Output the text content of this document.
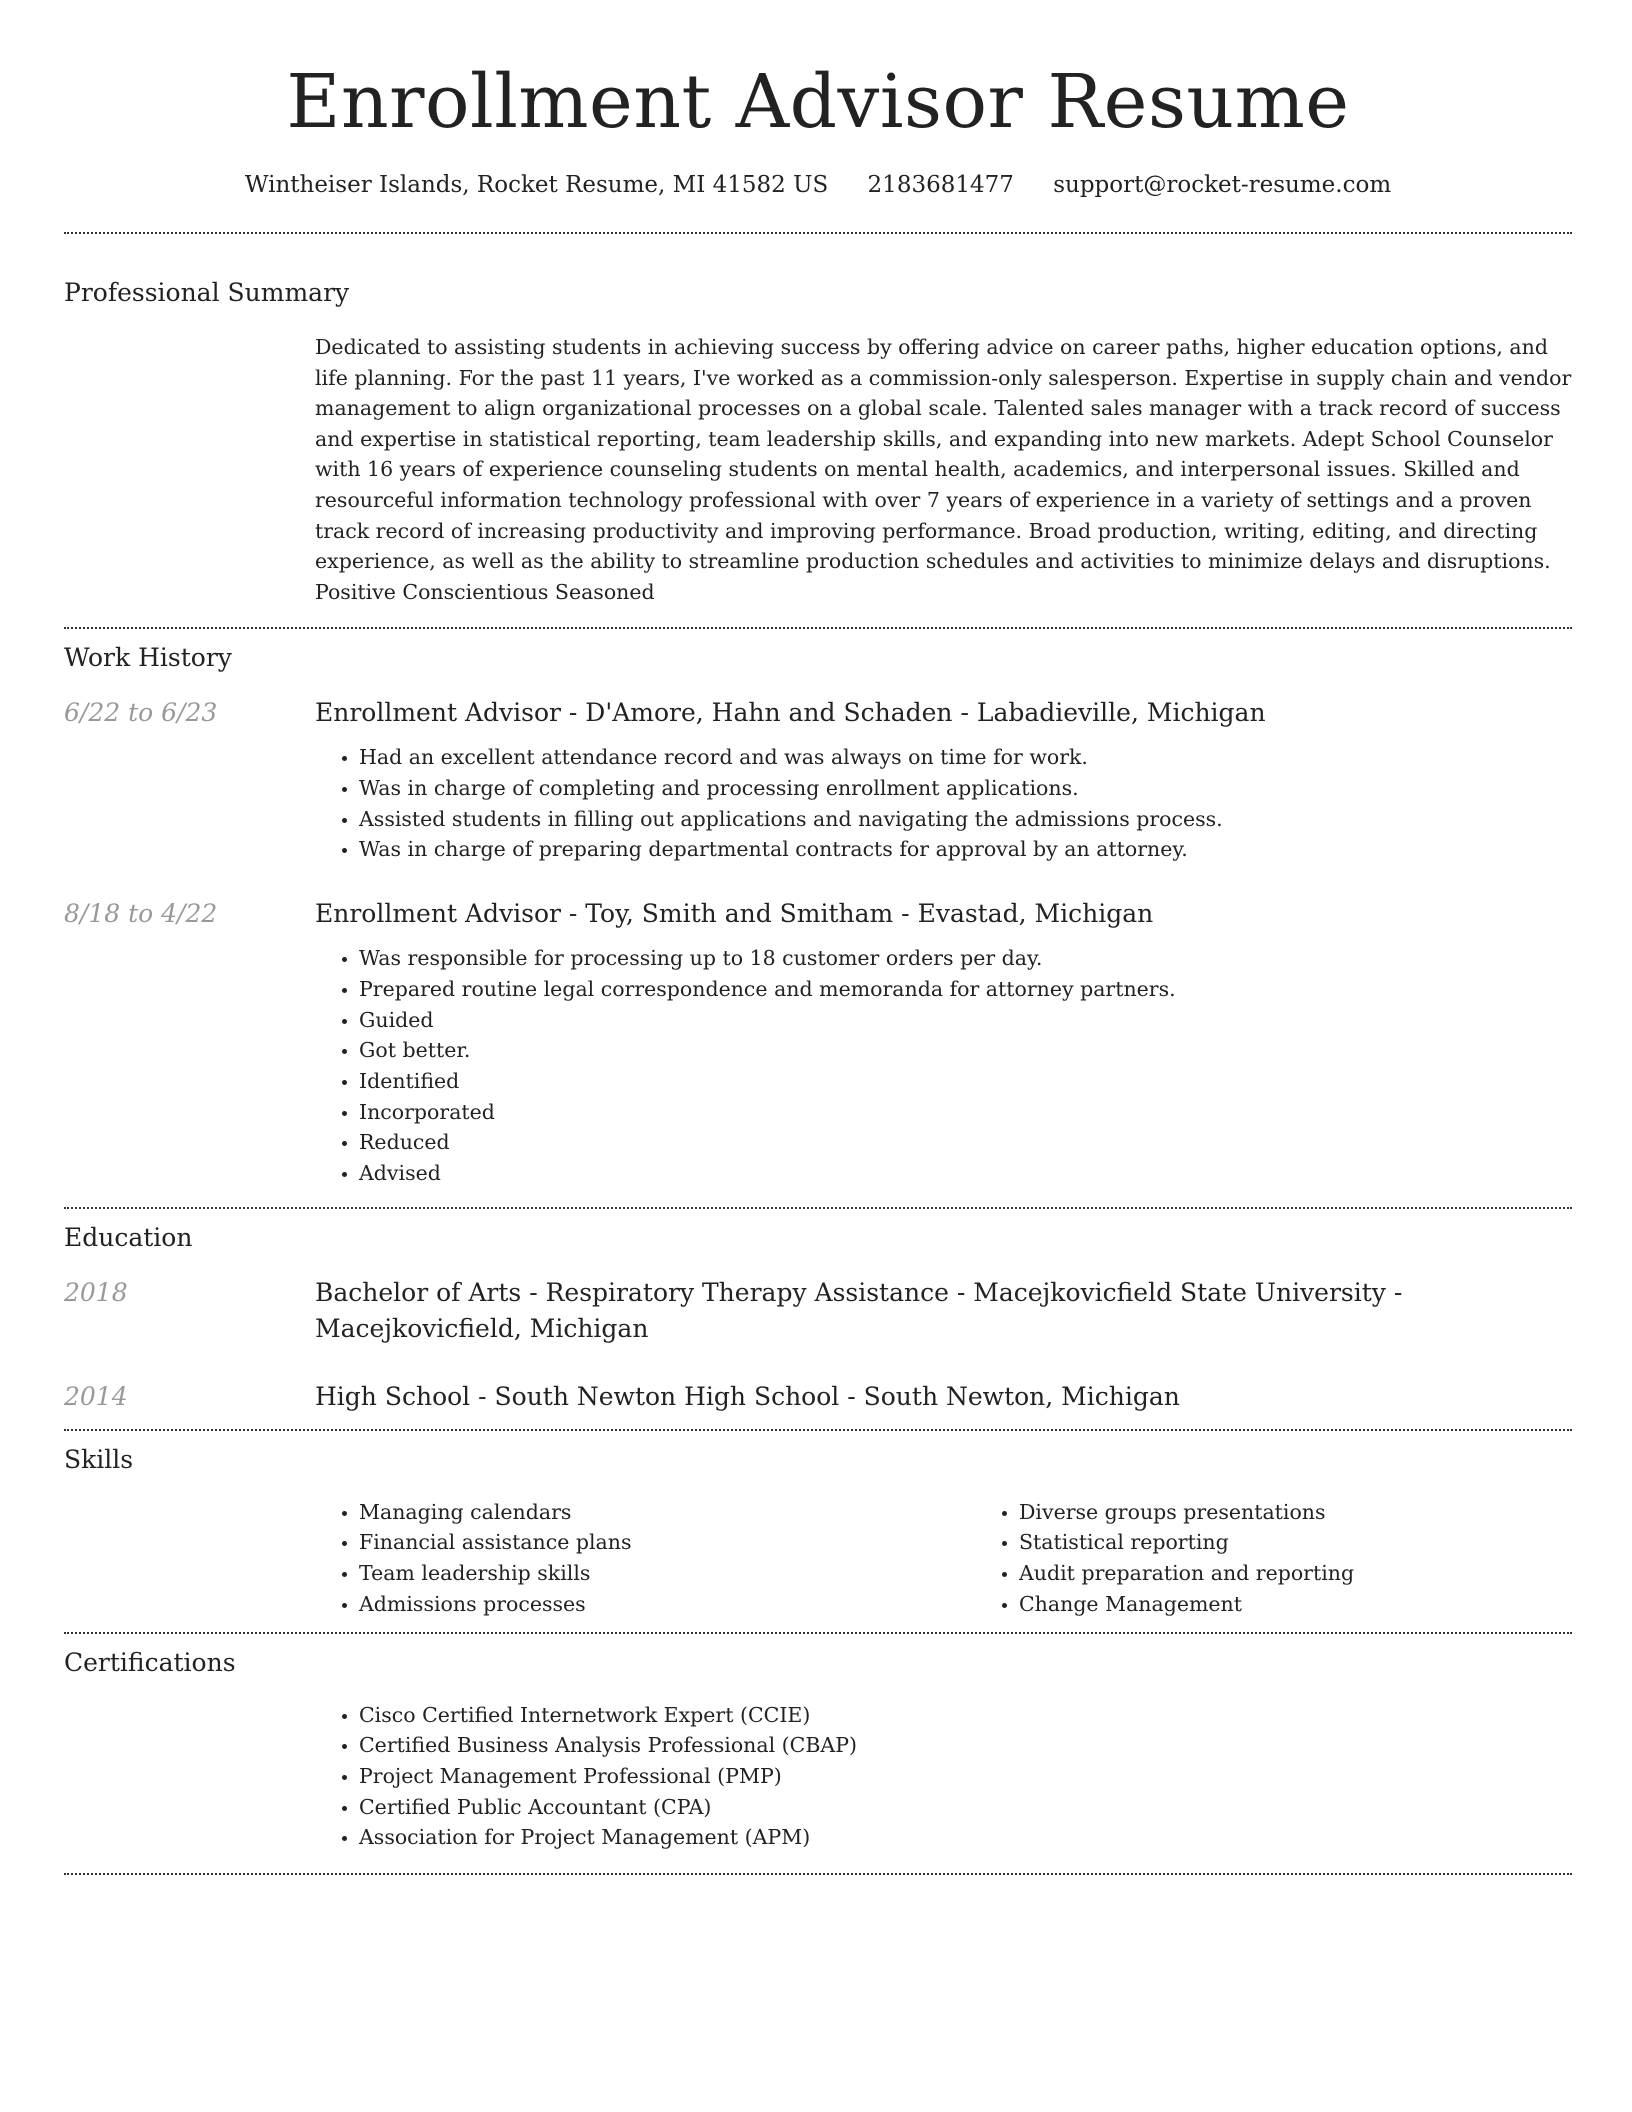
Enrollment Advisor Resume
Wintheiser Islands, Rocket Resume, MI 41582 US 2183681477 support@rocket-resume.com
Professional Summary

Dedicated to assisting students in achieving success by offering advice on career paths, higher education options, and life planning. For the past 11 years, I've worked as a commission-only salesperson. Expertise in supply chain and vendor management to align organizational processes on a global scale. Talented sales manager with a track record of success and expertise in statistical reporting, team leadership skills, and expanding into new markets. Adept School Counselor with 16 years of experience counseling students on mental health, academics, and interpersonal issues. Skilled and resourceful information technology professional with over 7 years of experience in a variety of settings and a proven track record of increasing productivity and improving performance. Broad production, writing, editing, and directing experience, as well as the ability to streamline production schedules and activities to minimize delays and disruptions. Positive Conscientious Seasoned

Work History
6/22 to 6/23	Enrollment Advisor - D'Amore, Hahn and Schaden - Labadieville, Michigan

• Had an excellent attendance record and was always on time for work.
• Was in charge of completing and processing enrollment applications.
• Assisted students in filling out applications and navigating the admissions process.
• Was in charge of preparing departmental contracts for approval by an attorney.
8/18 to 4/22	Enrollment Advisor - Toy, Smith and Smitham - Evastad, Michigan

• Was responsible for processing up to 18 customer orders per day.
• Prepared routine legal correspondence and memoranda for attorney partners.
• Guided
• Got better.
• Identified
• Incorporated
• Reduced
• Advised
Education
2018	Bachelor of Arts - Respiratory Therapy Assistance - Macejkovicfield State University - Macejkovicfield, Michigan

2014	High School - South Newton High School - South Newton, Michigan

Skills
• Managing calendars
• Financial assistance plans
• Team leadership skills
• Admissions processes
• Diverse groups presentations
• Statistical reporting
• Audit preparation and reporting
• Change Management
Certifications
• Cisco Certified Internetwork Expert (CCIE)
• Certified Business Analysis Professional (CBAP)
• Project Management Professional (PMP)
• Certified Public Accountant (CPA)
• Association for Project Management (APM)
